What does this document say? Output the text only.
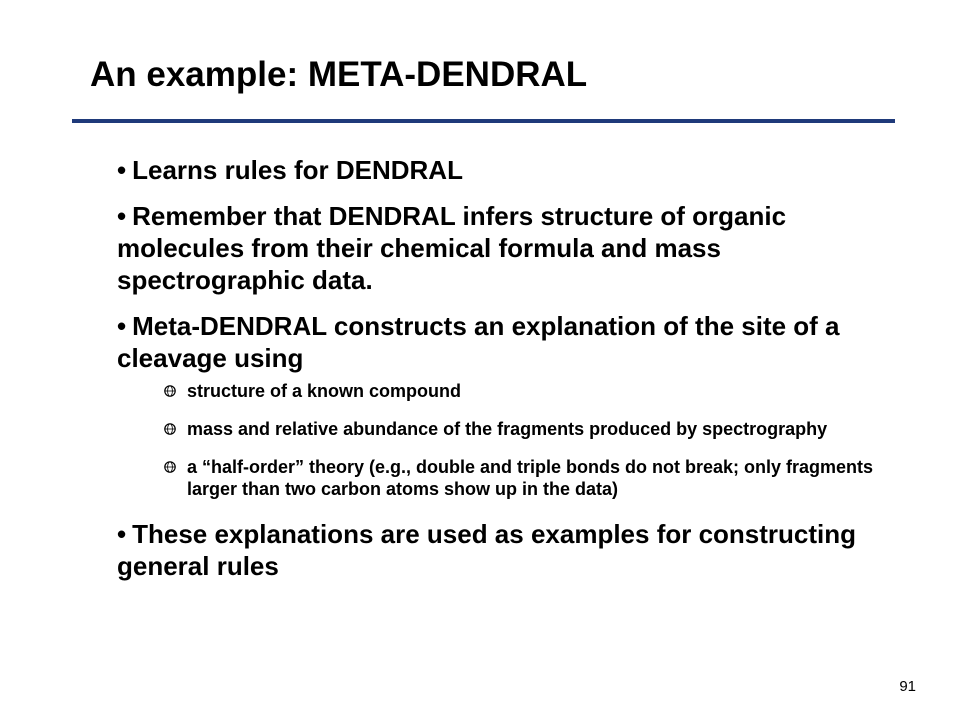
An example: META-DENDRAL

• Learns rules for DENDRAL

• Remember that DENDRAL infers structure of organic molecules from their chemical formula and mass spectrographic data.

• Meta-DENDRAL constructs an explanation of the site of a cleavage using

structure of a known compound

mass and relative abundance of the fragments produced by spectrography

a “half-order” theory (e.g., double and triple bonds do not break; only fragments larger than two carbon atoms show up in the data)

• These explanations are used as examples for constructing general rules

91
